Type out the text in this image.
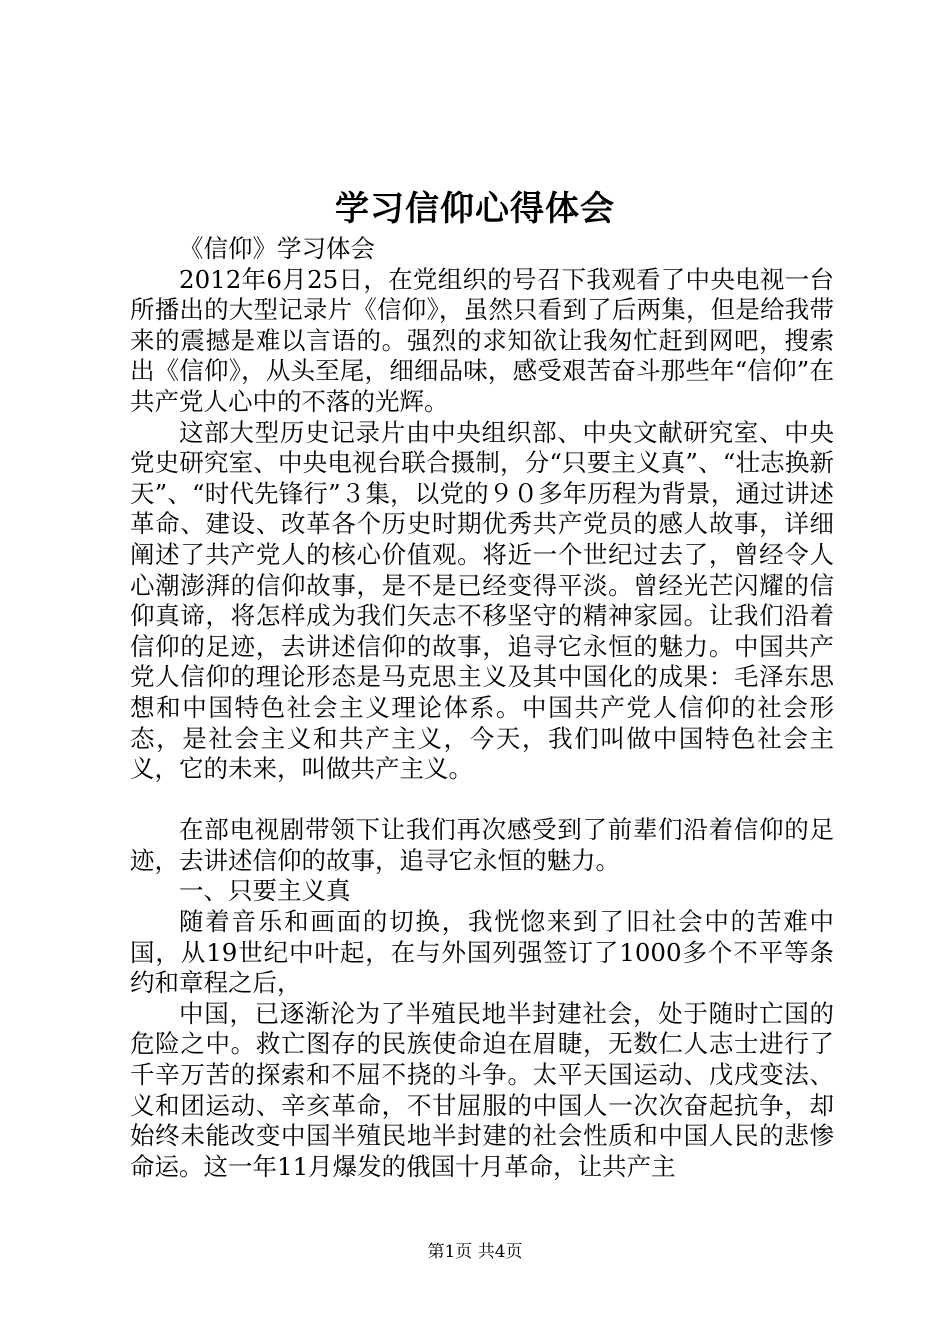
学习信仰心得体会

《信仰》学习体会

2012年6月25日，在党组织的号召下我观看了中央电视一台所播出的大型记录片《信仰》，虽然只看到了后两集，但是给我带来的震撼是难以言语的。强烈的求知欲让我匆忙赶到网吧，搜索出《信仰》，从头至尾，细细品味，感受艰苦奋斗那些年“信仰”在共产党人心中的不落的光辉。

这部大型历史记录片由中央组织部、中央文献研究室、中央党史研究室、中央电视台联合摄制，分“只要主义真”、“壮志换新天”、“时代先锋行”３集，以党的９０多年历程为背景，通过讲述革命、建设、改革各个历史时期优秀共产党员的感人故事，详细阐述了共产党人的核心价值观。将近一个世纪过去了，曾经令人心潮澎湃的信仰故事，是不是已经变得平淡。曾经光芒闪耀的信仰真谛，将怎样成为我们矢志不移坚守的精神家园。让我们沿着信仰的足迹，去讲述信仰的故事，追寻它永恒的魅力。中国共产党人信仰的理论形态是马克思主义及其中国化的成果：毛泽东思想和中国特色社会主义理论体系。中国共产党人信仰的社会形态，是社会主义和共产主义，今天，我们叫做中国特色社会主义，它的未来，叫做共产主义。

在部电视剧带领下让我们再次感受到了前辈们沿着信仰的足迹，去讲述信仰的故事，追寻它永恒的魅力。

一、只要主义真

随着音乐和画面的切换，我恍惚来到了旧社会中的苦难中国，从19世纪中叶起，在与外国列强签订了1000多个不平等条约和章程之后，

中国，已逐渐沦为了半殖民地半封建社会，处于随时亡国的危险之中。救亡图存的民族使命迫在眉睫，无数仁人志士进行了千辛万苦的探索和不屈不挠的斗争。太平天国运动、戊戌变法、义和团运动、辛亥革命，不甘屈服的中国人一次次奋起抗争，却始终未能改变中国半殖民地半封建的社会性质和中国人民的悲惨命运。这一年11月爆发的俄国十月革命，让共产主

第1页 共4页
